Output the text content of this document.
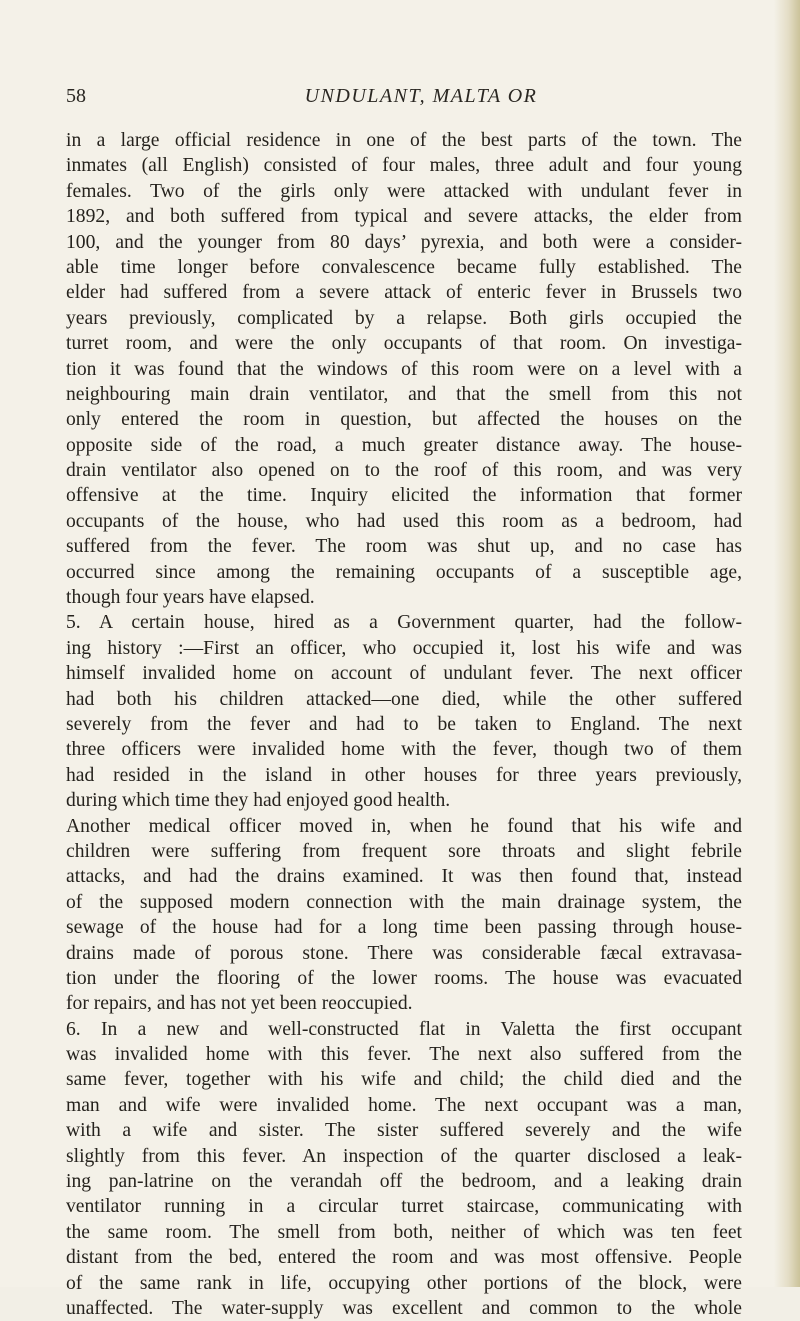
58	UNDULANT, MALTA OR
in a large official residence in one of the best parts of the town. The
inmates (all English) consisted of four males, three adult and four young
females. Two of the girls only were attacked with undulant fever in
1892, and both suffered from typical and severe attacks, the elder from
100, and the younger from 80 days’ pyrexia, and both were a consider-
able time longer before convalescence became fully established. The
elder had suffered from a severe attack of enteric fever in Brussels two
years previously, complicated by a relapse. Both girls occupied the
turret room, and were the only occupants of that room. On investiga-
tion it was found that the windows of this room were on a level with a
neighbouring main drain ventilator, and that the smell from this not
only entered the room in question, but affected the houses on the
opposite side of the road, a much greater distance away. The house-
drain ventilator also opened on to the roof of this room, and was very
offensive at the time. Inquiry elicited the information that former
occupants of the house, who had used this room as a bedroom, had
suffered from the fever. The room was shut up, and no case has
occurred since among the remaining occupants of a susceptible age,
though four years have elapsed.
5. A certain house, hired as a Government quarter, had the follow-
ing history :—First an officer, who occupied it, lost his wife and was
himself invalided home on account of undulant fever. The next officer
had both his children attacked—one died, while the other suffered
severely from the fever and had to be taken to England. The next
three officers were invalided home with the fever, though two of them
had resided in the island in other houses for three years previously,
during which time they had enjoyed good health.
Another medical officer moved in, when he found that his wife and
children were suffering from frequent sore throats and slight febrile
attacks, and had the drains examined. It was then found that, instead
of the supposed modern connection with the main drainage system, the
sewage of the house had for a long time been passing through house-
drains made of porous stone. There was considerable fæcal extravasa-
tion under the flooring of the lower rooms. The house was evacuated
for repairs, and has not yet been reoccupied.
6. In a new and well-constructed flat in Valetta the first occupant
was invalided home with this fever. The next also suffered from the
same fever, together with his wife and child; the child died and the
man and wife were invalided home. The next occupant was a man,
with a wife and sister. The sister suffered severely and the wife
slightly from this fever. An inspection of the quarter disclosed a leak-
ing pan-latrine on the verandah off the bedroom, and a leaking drain
ventilator running in a circular turret staircase, communicating with
the same room. The smell from both, neither of which was ten feet
distant from the bed, entered the room and was most offensive. People
of the same rank in life, occupying other portions of the block, were
unaffected. The water-supply was excellent and common to the whole
